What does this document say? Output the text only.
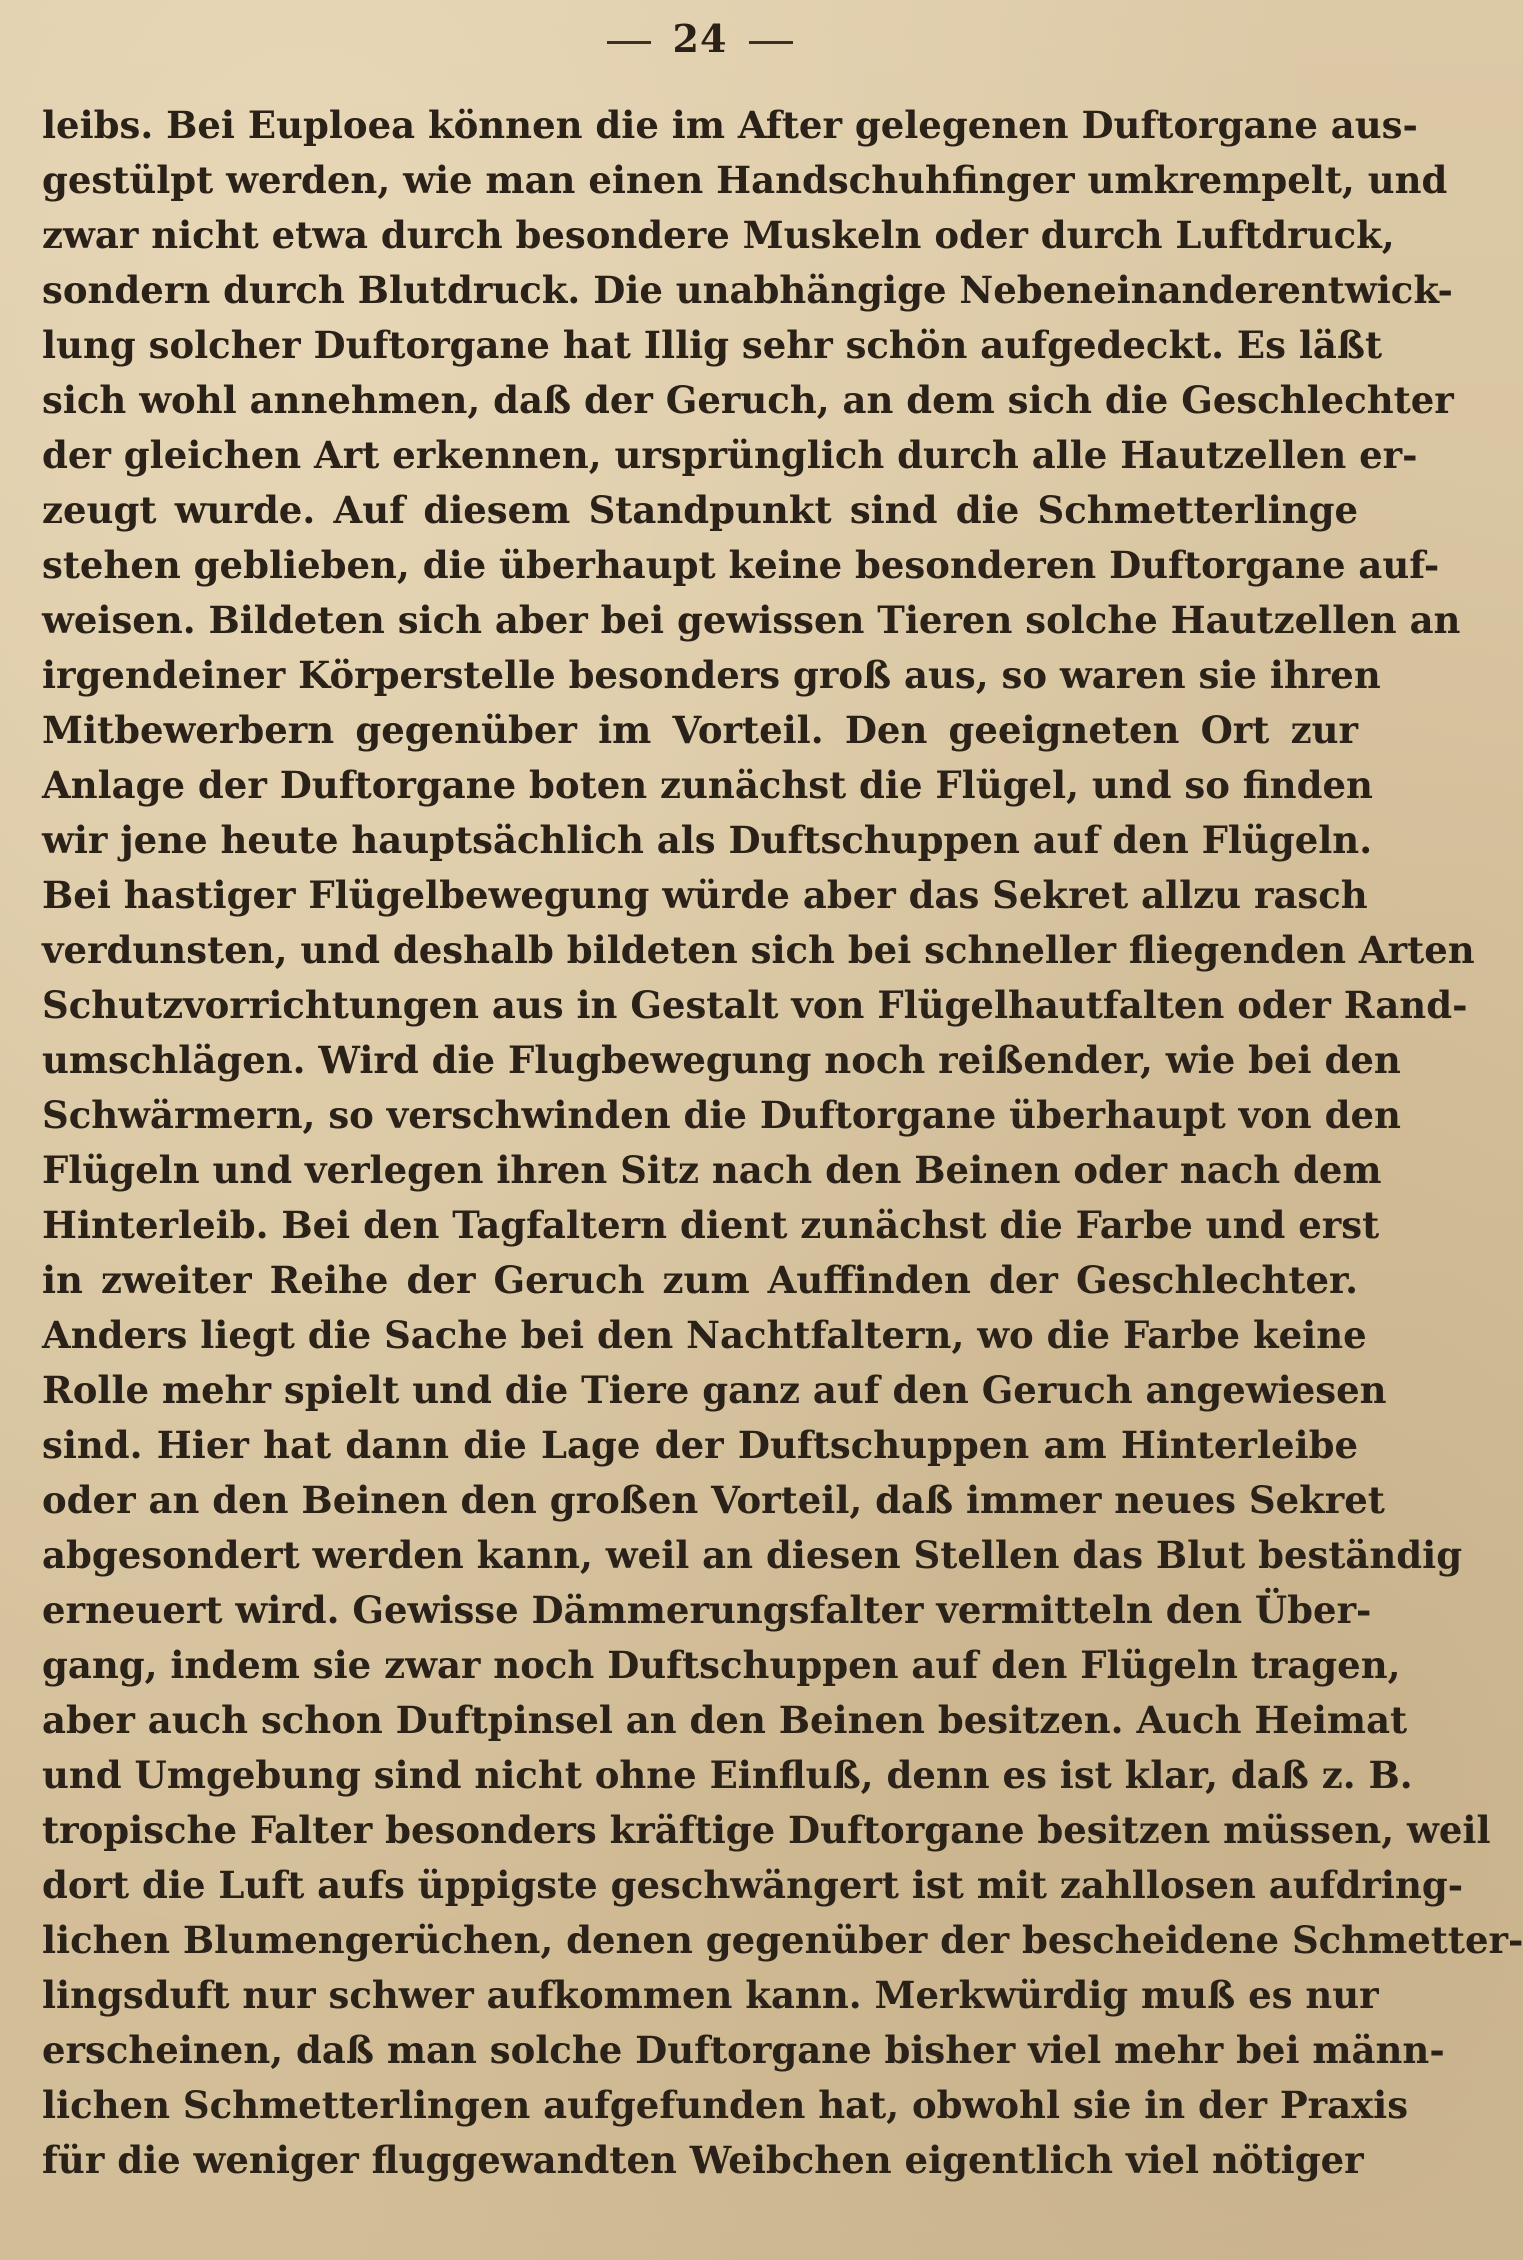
24
leibs. Bei Euploea können die im After gelegenen Duftorgane aus-
gestülpt werden, wie man einen Handschuhfinger umkrempelt, und
zwar nicht etwa durch besondere Muskeln oder durch Luftdruck,
sondern durch Blutdruck. Die unabhängige Nebeneinanderentwick-
lung solcher Duftorgane hat Illig sehr schön aufgedeckt. Es läßt
sich wohl annehmen, daß der Geruch, an dem sich die Geschlechter
der gleichen Art erkennen, ursprünglich durch alle Hautzellen er-
zeugt wurde. Auf diesem Standpunkt sind die Schmetterlinge
stehen geblieben, die überhaupt keine besonderen Duftorgane auf-
weisen. Bildeten sich aber bei gewissen Tieren solche Hautzellen an
irgendeiner Körperstelle besonders groß aus, so waren sie ihren
Mitbewerbern gegenüber im Vorteil. Den geeigneten Ort zur
Anlage der Duftorgane boten zunächst die Flügel, und so finden
wir jene heute hauptsächlich als Duftschuppen auf den Flügeln.
Bei hastiger Flügelbewegung würde aber das Sekret allzu rasch
verdunsten, und deshalb bildeten sich bei schneller fliegenden Arten
Schutzvorrichtungen aus in Gestalt von Flügelhautfalten oder Rand-
umschlägen. Wird die Flugbewegung noch reißender, wie bei den
Schwärmern, so verschwinden die Duftorgane überhaupt von den
Flügeln und verlegen ihren Sitz nach den Beinen oder nach dem
Hinterleib. Bei den Tagfaltern dient zunächst die Farbe und erst
in zweiter Reihe der Geruch zum Auffinden der Geschlechter.
Anders liegt die Sache bei den Nachtfaltern, wo die Farbe keine
Rolle mehr spielt und die Tiere ganz auf den Geruch angewiesen
sind. Hier hat dann die Lage der Duftschuppen am Hinterleibe
oder an den Beinen den großen Vorteil, daß immer neues Sekret
abgesondert werden kann, weil an diesen Stellen das Blut beständig
erneuert wird. Gewisse Dämmerungsfalter vermitteln den Über-
gang, indem sie zwar noch Duftschuppen auf den Flügeln tragen,
aber auch schon Duftpinsel an den Beinen besitzen. Auch Heimat
und Umgebung sind nicht ohne Einfluß, denn es ist klar, daß z. B.
tropische Falter besonders kräftige Duftorgane besitzen müssen, weil
dort die Luft aufs üppigste geschwängert ist mit zahllosen aufdring-
lichen Blumengerüchen, denen gegenüber der bescheidene Schmetter-
lingsduft nur schwer aufkommen kann. Merkwürdig muß es nur
erscheinen, daß man solche Duftorgane bisher viel mehr bei männ-
lichen Schmetterlingen aufgefunden hat, obwohl sie in der Praxis
für die weniger fluggewandten Weibchen eigentlich viel nötiger
